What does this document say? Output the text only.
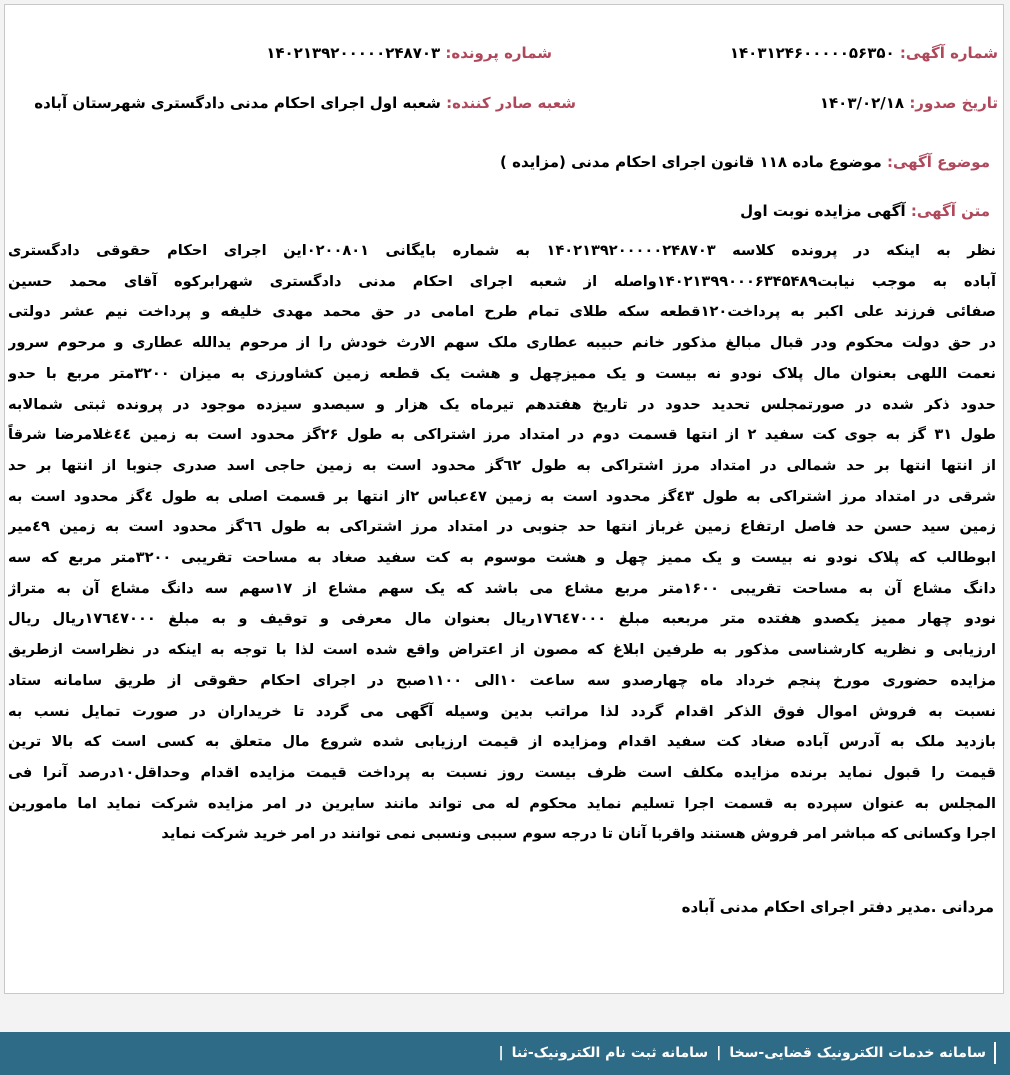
شماره آگهی: ۱۴۰۳۱۲۴۶۰۰۰۰۰۵۶۳۵۰
شماره پرونده: ۱۴۰۲۱۳۹۲۰۰۰۰۰۲۴۸۷۰۳
تاریخ صدور: ۱۴۰۳/۰۲/۱۸
شعبه صادر کننده: شعبه اول اجرای احکام مدنی دادگستری شهرستان آباده
موضوع آگهی: موضوع ماده ۱۱۸ قانون اجرای احکام مدنی (مزایده )
متن آگهی: آگهی مزایده نوبت اول
نظر به اینکه در پرونده کلاسه ۱۴۰۲۱۳۹۲۰۰۰۰۰۲۴۸۷۰۳ به شماره بایگانی ۰۲۰۰۸۰۱این اجرای احکام حقوقی دادگستری
آباده به موجب نیابت۱۴۰۲۱۳۹۹۰۰۰۶۳۴۵۴۸۹واصله از شعبه اجرای احکام مدنی دادگستری شهرابرکوه آقای محمد حسین
صفائی فرزند علی اکبر به پرداخت۱۲۰قطعه سکه طلای تمام طرح امامی در حق محمد مهدی خلیفه و پرداخت نیم عشر دولتی
در حق دولت محکوم ودر قبال مبالغ مذکور خانم حبیبه عطاری ملک سهم الارث خودش را از مرحوم یدالله عطاری و مرحوم سرور
نعمت اللهی بعنوان مال پلاک نودو نه بیست و یک ممیزچهل و هشت یک قطعه زمین کشاورزی به میزان ۳۲۰۰متر مربع با حدو
حدود ذکر شده در صورتمجلس تحدید حدود در تاریخ هفتدهم تیرماه یک هزار و سیصدو سیزده موجود در پرونده ثبتی شمالابه
طول ۳۱ گز به جوی کت سفید ۲ از انتها قسمت دوم در امتداد مرز اشتراکی به طول ۲۶گز محدود است به زمین ٤٤غلامرضا شرقاً
از انتها انتها بر حد شمالی در امتداد مرز اشتراکی به طول ٦۲گز محدود است به زمین حاجی اسد صدری جنوبا از انتها بر حد
شرقی در امتداد مرز اشتراکی به طول ٤۳گز محدود است به زمین ٤۷عباس ۲از انتها بر قسمت اصلی به طول ٤گز محدود است به
زمین سید حسن حد فاصل ارتفاع زمین غرباز انتها حد جنوبی در امتداد مرز اشتراکی به طول ٦٦گز محدود است به زمین ٤۹میر
ابوطالب که پلاک نودو نه بیست و یک ممیز چهل و هشت موسوم به کت سفید صغاد به مساحت تقریبی ۳۲۰۰متر مربع که سه
دانگ مشاع آن به مساحت تقریبی ۱۶۰۰متر مربع مشاع می باشد که یک سهم مشاع از ۱۷سهم سه دانگ مشاع آن به متراژ
نودو چهار ممیز یکصدو هفتده متر مربعبه مبلغ ۱۷٦٤۷۰۰۰ریال بعنوان مال معرفی و توقیف و به مبلغ ۱۷٦٤۷۰۰۰ریال ریال
ارزیابی و نظریه کارشناسی مذکور به طرفین ابلاغ که مصون از اعتراض واقع شده است لذا با توجه به اینکه در نظراست ازطریق
مزایده حضوری مورخ پنجم خرداد ماه چهارصدو سه ساعت ۱۰الی ۱۱۰۰صبح در اجرای احکام حقوقی از طریق سامانه ستاد
نسبت به فروش اموال فوق الذکر اقدام گردد لذا مراتب بدین وسیله آگهی می گردد تا خریداران در صورت تمایل نسب به
بازدید ملک به آدرس آباده صغاد کت سفید اقدام ومزایده از قیمت ارزیابی شده شروع مال متعلق به کسی است که بالا ترین
قیمت را قبول نماید برنده مزایده مکلف است ظرف بیست روز نسبت به پرداخت قیمت مزایده اقدام وحداقل۱۰درصد آنرا فی
المجلس به عنوان سپرده به قسمت اجرا تسلیم نماید محکوم له می تواند مانند سایرین در امر مزایده شرکت نماید اما مامورین
اجرا وکسانی که مباشر امر فروش هستند واقربا آنان تا درجه سوم سببی ونسبی نمی توانند در امر خرید شرکت نماید
مردانی .مدیر دفتر اجرای احکام مدنی آباده
سامانه خدمات الکترونیک قضایی-سخا
|
سامانه ثبت نام الکترونیک-ثنا
|
